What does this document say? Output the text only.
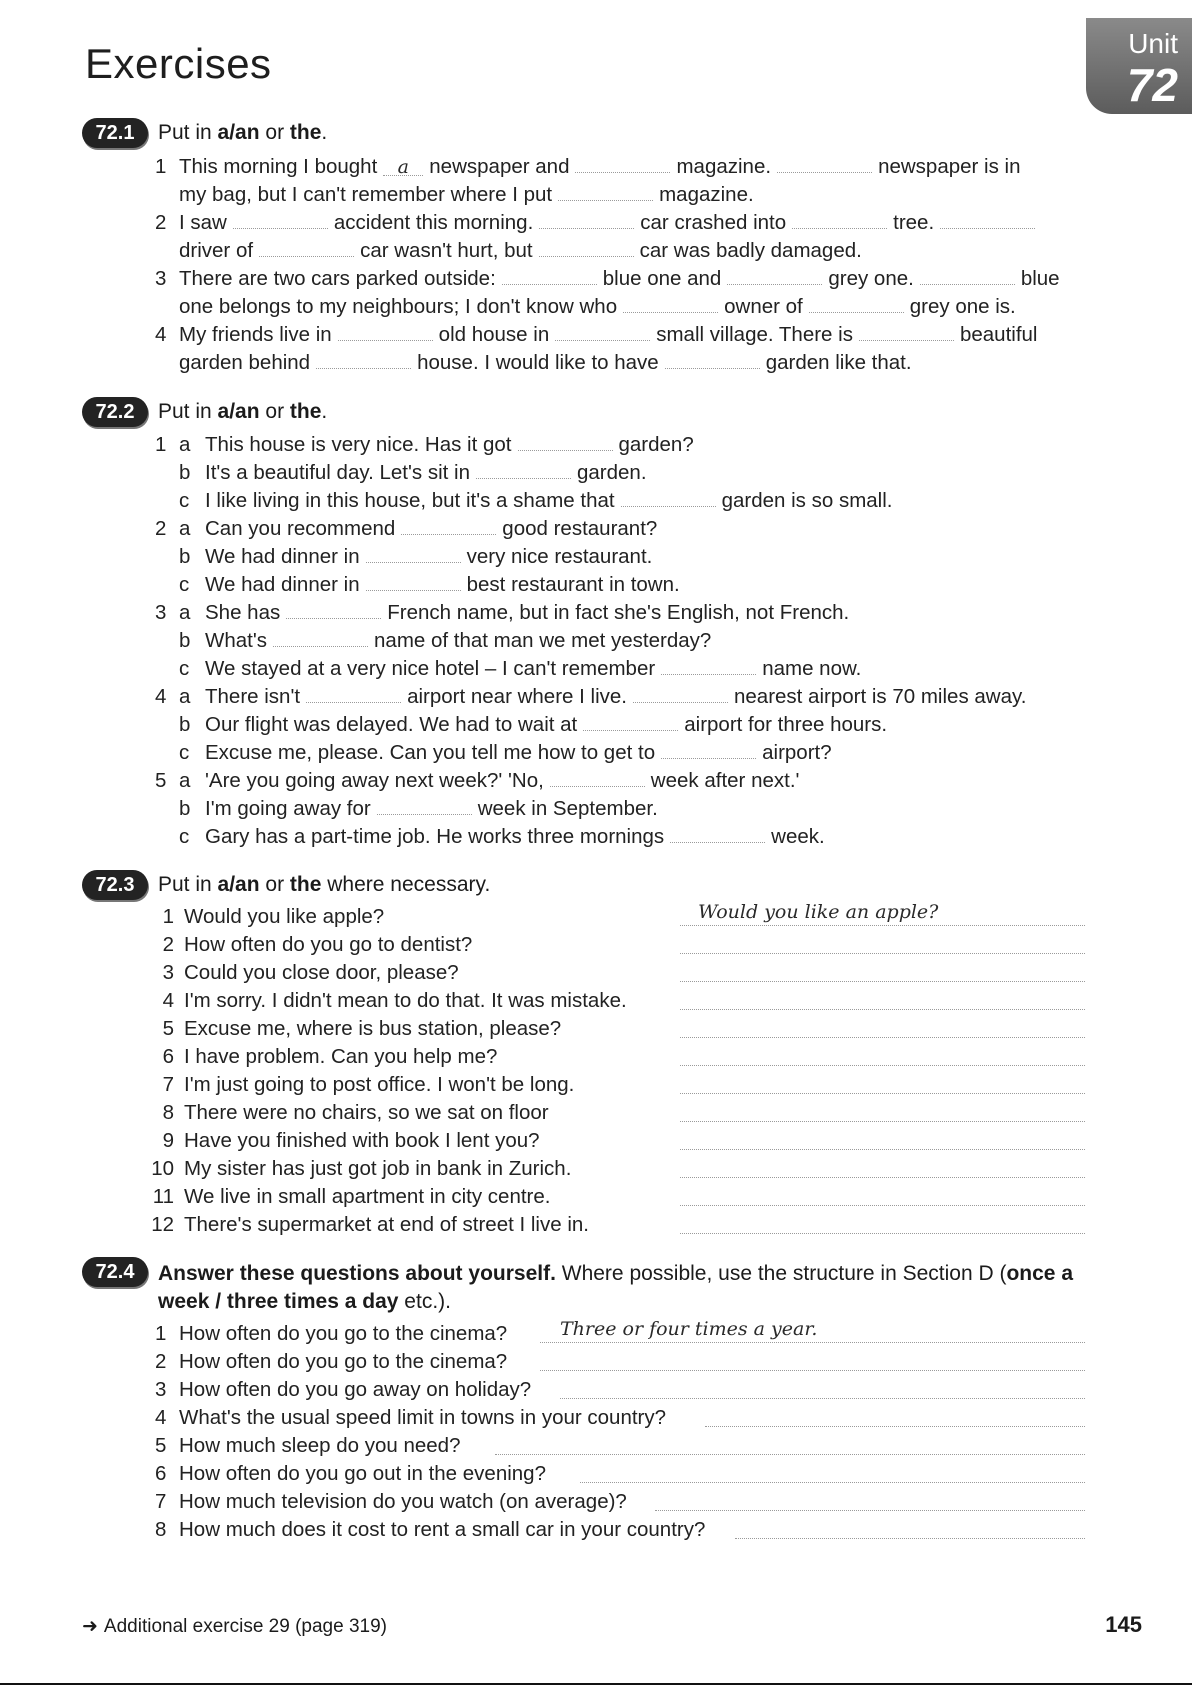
Exercises	Unit
72
72.1	Put in a/an or the.
1 This morning I bought a newspaper and	magazine.	newspaper is in
my bag, but I can't remember where I put	magazine.
2 I saw	accident this morning.	car crashed into	tree.
driver of	car wasn't hurt, but	car was badly damaged.
3 There are two cars parked outside:	blue one and	grey one.	blue
one belongs to my neighbours; I don't know who	owner of	grey one is.
4 My friends live in	old house in	small village. There is	beautiful
garden behind	house. I would like to have	garden like that.
72.2	Put in a/an or the.
1 a This house is very nice. Has it got	garden?
b It's a beautiful day. Let's sit in	garden.
c I like living in this house, but it's a shame that	garden is so small.
2 a Can you recommend	good restaurant?
b We had dinner in	very nice restaurant.
c We had dinner in	best restaurant in town.
3 a She has	French name, but in fact she's English, not French.
b What's	name of that man we met yesterday?
c We stayed at a very nice hotel – I can't remember	name now.
4 a There isn't	airport near where I live.	nearest airport is 70 miles away.
b Our flight was delayed. We had to wait at	airport for three hours.
c Excuse me, please. Can you tell me how to get to	airport?
5 a 'Are you going away next week?' 'No,	week after next.'
b I'm going away for	week in September.
c Gary has a part-time job. He works three mornings	week.
72.3	Put in a/an or the where necessary.
1 Would you like apple?	Would you like an apple?
2 How often do you go to dentist?
3 Could you close door, please?
4 I'm sorry. I didn't mean to do that. It was mistake.
5 Excuse me, where is bus station, please?
6 I have problem. Can you help me?
7 I'm just going to post office. I won't be long.
8 There were no chairs, so we sat on floor
9 Have you finished with book I lent you?
10 My sister has just got job in bank in Zurich.
11 We live in small apartment in city centre.
12 There's supermarket at end of street I live in.
72.4	Answer these questions about yourself. Where possible, use the structure in Section D (once a week / three times a day etc.).
1 How often do you go to the cinema?	Three or four times a year.
2 How often do you go to the cinema?
3 How often do you go away on holiday?
4 What's the usual speed limit in towns in your country?
5 How much sleep do you need?
6 How often do you go out in the evening?
7 How much television do you watch (on average)?
8 How much does it cost to rent a small car in your country?
➜ Additional exercise 29 (page 319)	145
